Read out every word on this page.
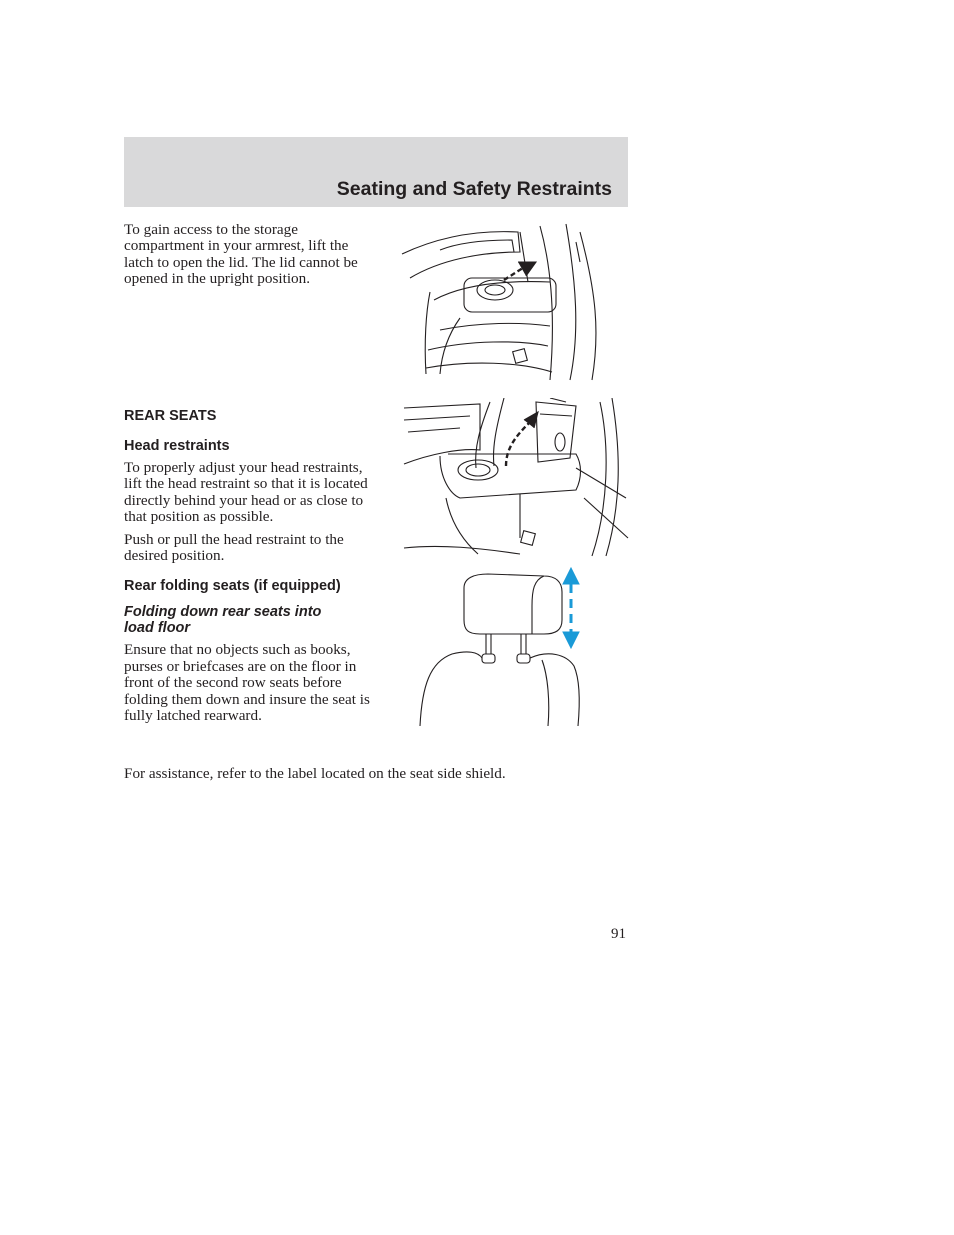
Seating and Safety Restraints

To gain access to the storage compartment in your armrest, lift the latch to open the lid. The lid cannot be opened in the upright position.

REAR SEATS
Head restraints

To properly adjust your head restraints, lift the head restraint so that it is located directly behind your head or as close to that position as possible.

Push or pull the head restraint to the desired position.

Rear folding seats (if equipped)
Folding down rear seats into load floor

Ensure that no objects such as books, purses or briefcases are on the floor in front of the second row seats before folding them down and insure the seat is fully latched rearward.

For assistance, refer to the label located on the seat side shield.

91
